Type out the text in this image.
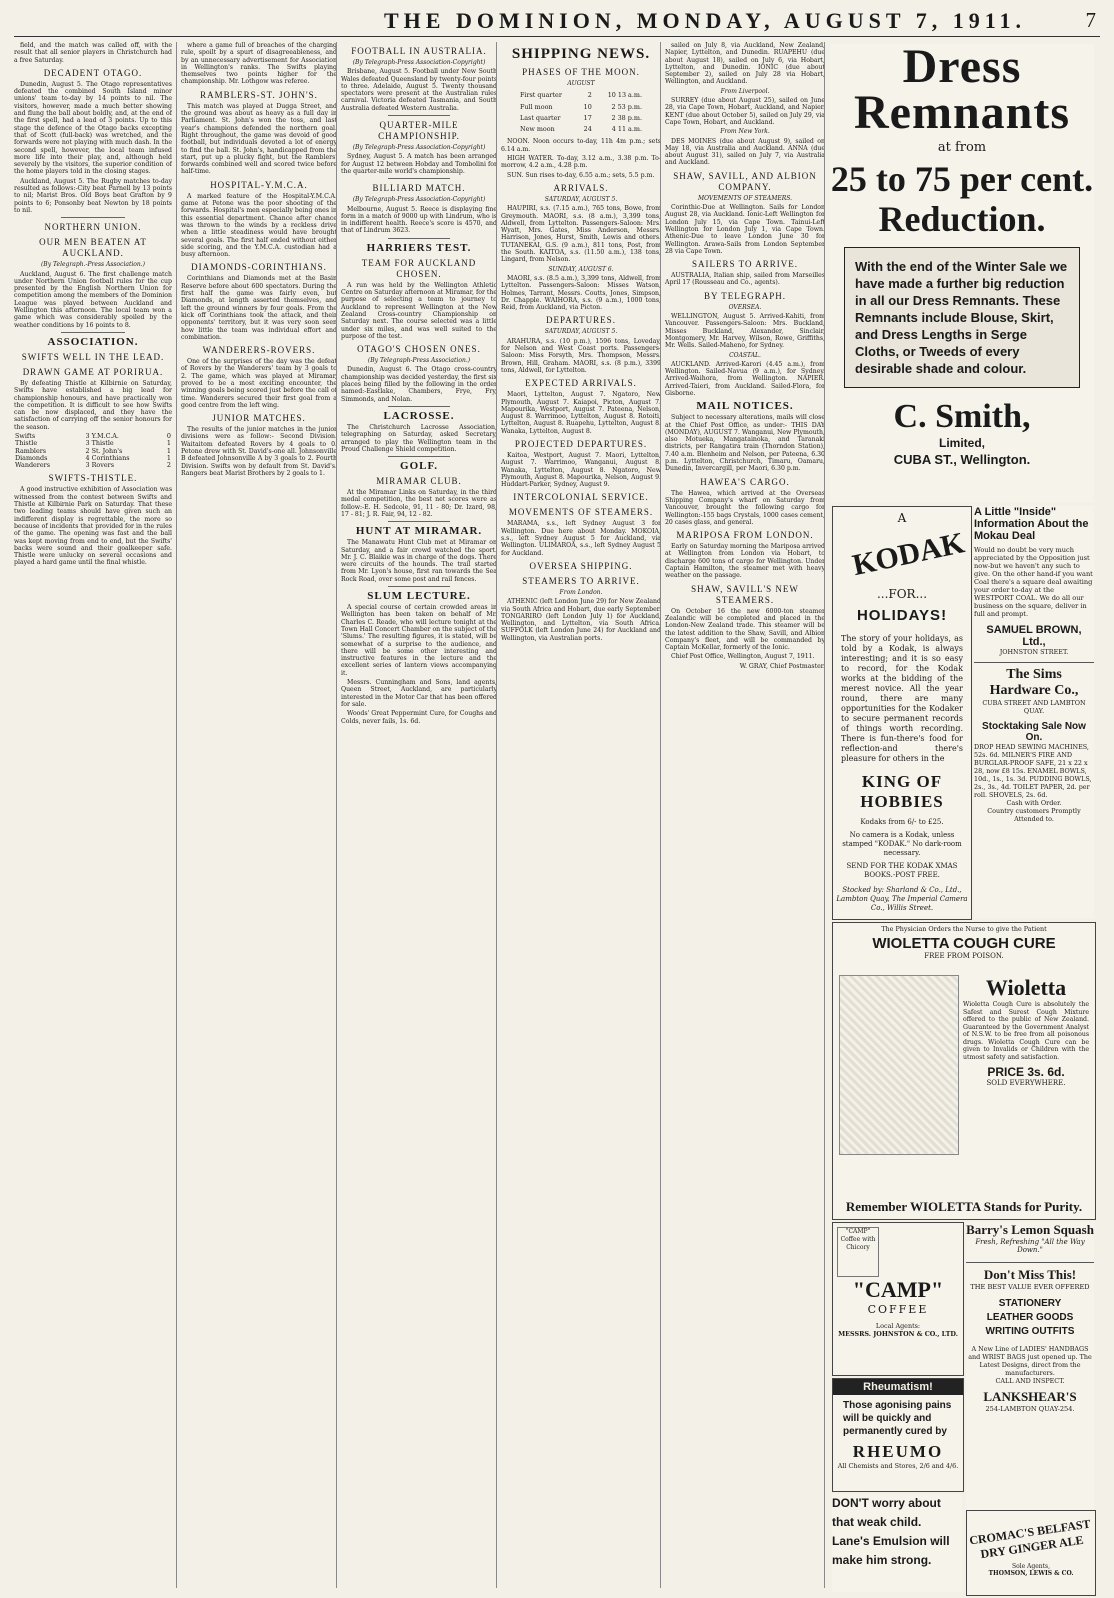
THE DOMINION, MONDAY, AUGUST 7, 1911.	7

field, and the match was called off, with the result that all senior players in Christchurch had a free Saturday.

DECADENT OTAGO.

Dunedin, August 5. The Otago representatives defeated the combined South Island minor unions' team to-day by 14 points to nil. The visitors, however, made a much better showing and flung the ball about boldly, and, at the end of the first spell, had a lead of 3 points. Up to this stage the defence of the Otago backs excepting that of Scott (full-back) was wretched, and the forwards were not playing with much dash. In the second spell, however, the local team infused more life into their play, and, although held severely by the visitors, the superior condition of the home players told in the closing stages.

Auckland, August 5. The Rugby matches to-day resulted as follows:-City beat Parnell by 13 points to nil; Marist Bros. Old Boys beat Grafton by 9 points to 6; Ponsonby beat Newton by 18 points to nil.

NORTHERN UNION.
OUR MEN BEATEN AT AUCKLAND.
(By Telegraph.-Press Association.)

Auckland, August 6. The first challenge match under Northern Union football rules for the cup presented by the English Northern Union for competition among the members of the Dominion League was played between Auckland and Wellington this afternoon. The local team won a game which was considerably spoiled by the weather conditions by 16 points to 8.

ASSOCIATION.
SWIFTS WELL IN THE LEAD.
DRAWN GAME AT PORIRUA.

By defeating Thistle at Kilbirnie on Saturday, Swifts have established a big lead for championship honours, and have practically won the competition. It is difficult to see how Swifts can be now displaced, and they have the satisfaction of carrying off the senior honours for the season.

Swifts	3	Y.M.C.A.	0
Thistle	3	Thistle	1
Ramblers	2	St. John's	1
Diamonds	4	Corinthians	1
Wanderers	3	Rovers	2
SWIFTS-THISTLE.

A good instructive exhibition of Association was witnessed from the contest between Swifts and Thistle at Kilbirnie Park on Saturday. That these two leading teams should have given such an indifferent display is regrettable, the more so because of incidents that provided for in the rules of the game. The opening was fast and the ball was kept moving from end to end, but the Swifts' backs were sound and their goalkeeper safe. Thistle were unlucky on several occasions and played a hard game until the final whistle.

where a game full of breaches of the charging rule, spoilt by a spurt of disagreeableness, and by an unnecessary advertisement for Association in Wellington's ranks. The Swifts playing themselves two points higher for the championship. Mr. Lothgow was referee.

RAMBLERS-ST. JOHN'S.

This match was played at Dugga Street, and the ground was about as heavy as a full day in Parliament. St. John's won the toss, and last year's champions defended the northern goal. Right throughout, the game was devoid of good football, but individuals devoted a lot of energy to find the ball. St. John's, handicapped from the start, put up a plucky fight, but the Ramblers' forwards combined well and scored twice before half-time.

HOSPITAL-Y.M.C.A.

A marked feature of the Hospital-Y.M.C.A. game at Petone was the poor shooting of the forwards. Hospital's men especially being ones in this essential department. Chance after chance was thrown to the winds by a reckless drive when a little steadiness would have brought several goals. The first half ended without either side scoring, and the Y.M.C.A. custodian had a busy afternoon.

DIAMONDS-CORINTHIANS.

Corinthians and Diamonds met at the Basin Reserve before about 600 spectators. During the first half the game was fairly even, but Diamonds, at length asserted themselves, and left the ground winners by four goals. From the kick off Corinthians took the attack, and their opponents' territory, but it was very soon seen how little the team was individual effort and combination.

WANDERERS-ROVERS.

One of the surprises of the day was the defeat of Rovers by the Wanderers' team by 3 goals to 2. The game, which was played at Miramar, proved to be a most exciting encounter, the winning goals being scored just before the call of time. Wanderers secured their first goal from a good centre from the left wing.

JUNIOR MATCHES.

The results of the junior matches in the junior divisions were as follow:- Second Division. Waitaitom defeated Rovers by 4 goals to 0. Petone drew with St. David's-one all. Johnsonville B defeated Johnsonville A by 3 goals to 2. Fourth Division. Swifts won by default from St. David's. Rangers beat Marist Brothers by 2 goals to 1.

FOOTBALL IN AUSTRALIA.
(By Telegraph-Press Association-Copyright)

Brisbane, August 5. Football under New South Wales defeated Queensland by twenty-four points to three. Adelaide, August 5. Twenty thousand spectators were present at the Australian rules carnival. Victoria defeated Tasmania, and South Australia defeated Western Australia.

QUARTER-MILE CHAMPIONSHIP.
(By Telegraph-Press Association-Copyright)

Sydney, August 5. A match has been arranged for August 12 between Hobday and Tombolini for the quarter-mile world's championship.

BILLIARD MATCH.
(By Telegraph-Press Association-Copyright)

Melbourne, August 5. Reece is displaying fine form in a match of 9000 up with Lindrum, who is in indifferent health. Reece's score is 4570, and that of Lindrum 3623.

HARRIERS TEST.
TEAM FOR AUCKLAND CHOSEN.

A run was held by the Wellington Athletic Centre on Saturday afternoon at Miramar, for the purpose of selecting a team to journey to Auckland to represent Wellington at the New Zealand Cross-country Championship on Saturday next. The course selected was a little under six miles, and was well suited to the purpose of the test.

OTAGO'S CHOSEN ONES.
(By Telegraph-Press Association.)

Dunedin, August 6. The Otago cross-country championship was decided yesterday, the first six places being filled by the following in the order named:-Eastlake, Chambers, Frye, Fry, Simmonds, and Nolan.

LACROSSE.

The Christchurch Lacrosse Association, telegraphing on Saturday, asked Secretary, arranged to play the Wellington team in the Proud Challenge Shield competition.

GOLF.
MIRAMAR CLUB.

At the Miramar Links on Saturday, in the third medal competition, the best net scores were as follow:-E. H. Sedcole, 91, 11 - 80; Dr. Izard, 98, 17 - 81; J. R. Fair, 94, 12 - 82.

HUNT AT MIRAMAR.

The Manawatu Hunt Club met at Miramar on Saturday, and a fair crowd watched the sport. Mr. J. C. Blaikie was in charge of the dogs. There were circuits of the hounds. The trail started from Mr. Lyon's house, first ran towards the Sea Rock Road, over some post and rail fences.

SLUM LECTURE.

A special course of certain crowded areas in Wellington has been taken on behalf of Mr. Charles C. Reade, who will lecture tonight at the Town Hall Concert Chamber on the subject of the 'Slums.' The resulting figures, it is stated, will be somewhat of a surprise to the audience, and there will be some other interesting and instructive features in the lecture and the excellent series of lantern views accompanying it.

Messrs. Cunningham and Sons, land agents, Queen Street, Auckland, are particularly interested in the Motor Car that has been offered for sale.

Woods' Great Peppermint Cure, for Coughs and Colds, never fails, 1s. 6d.

SHIPPING NEWS.
PHASES OF THE MOON.
AUGUST
First quarter	2	10 13 a.m.
Full moon	10	2 53 p.m.
Last quarter	17	2 38 p.m.
New moon	24	4 11 a.m.

NOON. Noon occurs to-day, 11h 4m p.m.; sets 6.14 a.m.

HIGH WATER. To-day, 3.12 a.m., 3.38 p.m. To-morrow, 4.2 a.m., 4.28 p.m.

SUN. Sun rises to-day, 6.55 a.m.; sets, 5.5 p.m.

ARRIVALS.
SATURDAY, AUGUST 5.

HAUPIRI, s.s. (7.15 a.m.), 765 tons, Bowe, from Greymouth. MAORI, s.s. (8 a.m.), 3,399 tons, Aldwell, from Lyttelton. Passengers-Saloon: Mrs. Wyatt, Mrs. Gates, Miss Anderson, Messrs. Harrison, Jones, Hurst, Smith, Lewis and others. TUTANEKAI, G.S. (9 a.m.), 811 tons, Post, from the South. KAITOA, s.s. (11.50 a.m.), 138 tons, Lingard, from Nelson.

SUNDAY, AUGUST 6.

MAORI, s.s. (8.5 a.m.), 3,399 tons, Aldwell, from Lyttelton. Passengers-Saloon: Misses Watson, Holmes, Tarrant, Messrs. Coutts, Jones, Simpson, Dr. Chapple. WAIHORA, s.s. (9 a.m.), 1000 tons, Reid, from Auckland, via Picton.

DEPARTURES.
SATURDAY, AUGUST 5.

ARAHURA, s.s. (10 p.m.), 1596 tons, Loveday, for Nelson and West Coast ports. Passengers-Saloon: Miss Forsyth, Mrs. Thompson, Messrs. Brown, Hill, Graham. MAORI, s.s. (8 p.m.), 3399 tons, Aldwell, for Lyttelton.

EXPECTED ARRIVALS.

Maori, Lyttelton, August 7. Ngatoro, New Plymouth, August 7. Kaiapoi, Picton, August 7. Mapourika, Westport, August 7. Pateena, Nelson, August 8. Warrimoo, Lyttelton, August 8. Rotoiti, Lyttelton, August 8. Ruapehu, Lyttelton, August 8. Wanaka, Lyttelton, August 8.

PROJECTED DEPARTURES.

Kaitoa, Westport, August 7. Maori, Lyttelton, August 7. Warrimoo, Wanganui, August 8. Wanaka, Lyttelton, August 8. Ngatoro, New Plymouth, August 8. Mapourika, Nelson, August 9. Huddart-Parker, Sydney, August 9.

INTERCOLONIAL SERVICE.
MOVEMENTS OF STEAMERS.

MARAMA, s.s., left Sydney August 3 for Wellington. Due here about Monday. MOKOIA, s.s., left Sydney August 5 for Auckland, via Wellington. ULIMAROA, s.s., left Sydney August 5 for Auckland.

OVERSEA SHIPPING.
STEAMERS TO ARRIVE.
From London.

ATHENIC (left London June 29) for New Zealand via South Africa and Hobart, due early September. TONGARIRO (left London July 1) for Auckland, Wellington, and Lyttelton, via South Africa. SUFFOLK (left London June 24) for Auckland and Wellington, via Australian ports.

sailed on July 8, via Auckland, New Zealand, Napier, Lyttelton, and Dunedin. RUAPEHU (due about August 18), sailed on July 6, via Hobart, Lyttelton, and Dunedin. IONIC (due about September 2), sailed on July 28 via Hobart, Wellington, and Auckland.

From Liverpool.

SURREY (due about August 25), sailed on June 28, via Cape Town, Hobart, Auckland, and Napier. KENT (due about October 5), sailed on July 29, via Cape Town, Hobart, and Auckland.

From New York.

DES MOINES (due about August 9), sailed on May 18, via Australia and Auckland. ANNA (due about August 31), sailed on July 7, via Australia and Auckland.

SHAW, SAVILL, AND ALBION COMPANY.
MOVEMENTS OF STEAMERS.

Corinthic-Due at Wellington. Sails for London August 28, via Auckland. Ionic-Left Wellington for London July 15, via Cape Town. Tainui-Left Wellington for London July 1, via Cape Town. Athenic-Due to leave London June 30 for Wellington. Arawa-Sails from London September 28 via Cape Town.

SAILERS TO ARRIVE.

AUSTRALIA, Italian ship, sailed from Marseilles April 17 (Rousseau and Co., agents).

BY TELEGRAPH.
OVERSEA.

WELLINGTON, August 5. Arrived-Kahiti, from Vancouver. Passengers-Saloon: Mrs. Buckland, Misses Buckland, Alexander, Sinclair, Montgomery, Mr. Harvey, Wilson, Rowe, Griffiths, Mr. Wells. Sailed-Maheno, for Sydney.

COASTAL.

AUCKLAND. Arrived-Karori (4.45 a.m.), from Wellington. Sailed-Navua (9 a.m.), for Sydney. Arrived-Waihora, from Wellington. NAPIER. Arrived-Taieri, from Auckland. Sailed-Flora, for Gisborne.

MAIL NOTICES.

Subject to necessary alterations, mails will close at the Chief Post Office, as under:- THIS DAY (MONDAY), AUGUST 7. Wanganui, New Plymouth, also Motueka, Mangatainoka, and Taranaki districts, per Rangatira train (Thorndon Station), 7.40 a.m. Blenheim and Nelson, per Pateena, 6.30 p.m. Lyttelton, Christchurch, Timaru, Oamaru, Dunedin, Invercargill, per Maori, 6.30 p.m.

HAWEA'S CARGO.

The Hawea, which arrived at the Overseas Shipping Company's wharf on Saturday from Vancouver, brought the following cargo for Wellington:-155 bags Crystals, 1000 cases cement, 20 cases glass, and general.

MARIPOSA FROM LONDON.

Early on Saturday morning the Mariposa arrived at Wellington from London via Hobart, to discharge 600 tons of cargo for Wellington. Under Captain Hamilton, the steamer met with heavy weather on the passage.

SHAW, SAVILL'S NEW STEAMERS.

On October 16 the new 6000-ton steamer Zealandic will be completed and placed in the London-New Zealand trade. This steamer will be the latest addition to the Shaw, Savill, and Albion Company's fleet, and will be commanded by Captain McKellar, formerly of the Ionic.

Chief Post Office, Wellington, August 7, 1911.

W. GRAY, Chief Postmaster.

Dress Remnants
at from
25 to 75 per cent. Reduction.
With the end of the Winter Sale we have made a further big reduction in all our Dress Remnants. These Remnants include Blouse, Skirt, and Dress Lengths in Serge Cloths, or Tweeds of every desirable shade and colour.
C. Smith,
Limited,
CUBA ST., Wellington.
A
KODAK
...FOR...
HOLIDAYS!
The story of your holidays, as told by a Kodak, is always interesting; and it is so easy to record, for the Kodak works at the bidding of the merest novice. All the year round, there are many opportunities for the Kodaker to secure permanent records of things worth recording. There is fun-there's food for reflection-and there's pleasure for others in the
KING OF HOBBIES
Kodaks from 6/- to £25.
No camera is a Kodak, unless stamped "KODAK." No dark-room necessary.
SEND FOR THE KODAK XMAS BOOKS.-POST FREE.
Stocked by: Sharland & Co., Ltd., Lambton Quay, The Imperial Camera Co., Willis Street.
A Little "Inside" Information About the Mokau Deal
Would no doubt be very much appreciated by the Opposition just now-but we haven't any such to give. On the other hand-if you want Coal there's a square deal awaiting your order to-day at the WESTPORT COAL. We do all our business on the square, deliver in full and prompt.
SAMUEL BROWN, Ltd.,
JOHNSTON STREET.
The Sims Hardware Co.,
CUBA STREET AND LAMBTON QUAY.
Stocktaking Sale Now On.
DROP HEAD SEWING MACHINES, 52s. 6d. MILNER'S FIRE AND BURGLAR-PROOF SAFE, 21 x 22 x 28, now £8 15s. ENAMEL BOWLS, 10d., 1s., 1s. 3d. PUDDING BOWLS, 2s., 3s., 4d. TOILET PAPER, 2d. per roll. SHOVELS, 2s. 6d.
Cash with Order.
Country customers Promptly Attended to.
The Physician Orders the Nurse to give the Patient
WIOLETTA COUGH CURE
FREE FROM POISON.
Wioletta
Wioletta Cough Cure is absolutely the Safest and Surest Cough Mixture offered to the public of New Zealand. Guaranteed by the Government Analyst of N.S.W. to be free from all poisonous drugs. Wioletta Cough Cure can be given to Invalids or Children with the utmost safety and satisfaction.
PRICE 3s. 6d.
SOLD EVERYWHERE.
Remember WIOLETTA Stands for Purity.
"CAMP" Coffee with Chicory
"CAMP"
COFFEE
Local Agents:
MESSRS. JOHNSTON & CO., LTD.
Barry's Lemon Squash
Fresh, Refreshing "All the Way Down."
Don't Miss This!
THE BEST VALUE EVER OFFERED
STATIONERY
LEATHER GOODS
WRITING OUTFITS
A New Line of LADIES' HANDBAGS and WRIST BAGS just opened up. The Latest Designs, direct from the manufacturers.
CALL AND INSPECT.
LANKSHEAR'S
254-LAMBTON QUAY-254.
Rheumatism!
Those agonising pains will be quickly and permanently cured by
RHEUMO
All Chemists and Stores, 2/6 and 4/6.
DON'T worry about that weak child. Lane's Emulsion will make him strong.
CROMAC'S BELFAST DRY GINGER ALE
Sole Agents,
THOMSON, LEWIS & CO.
